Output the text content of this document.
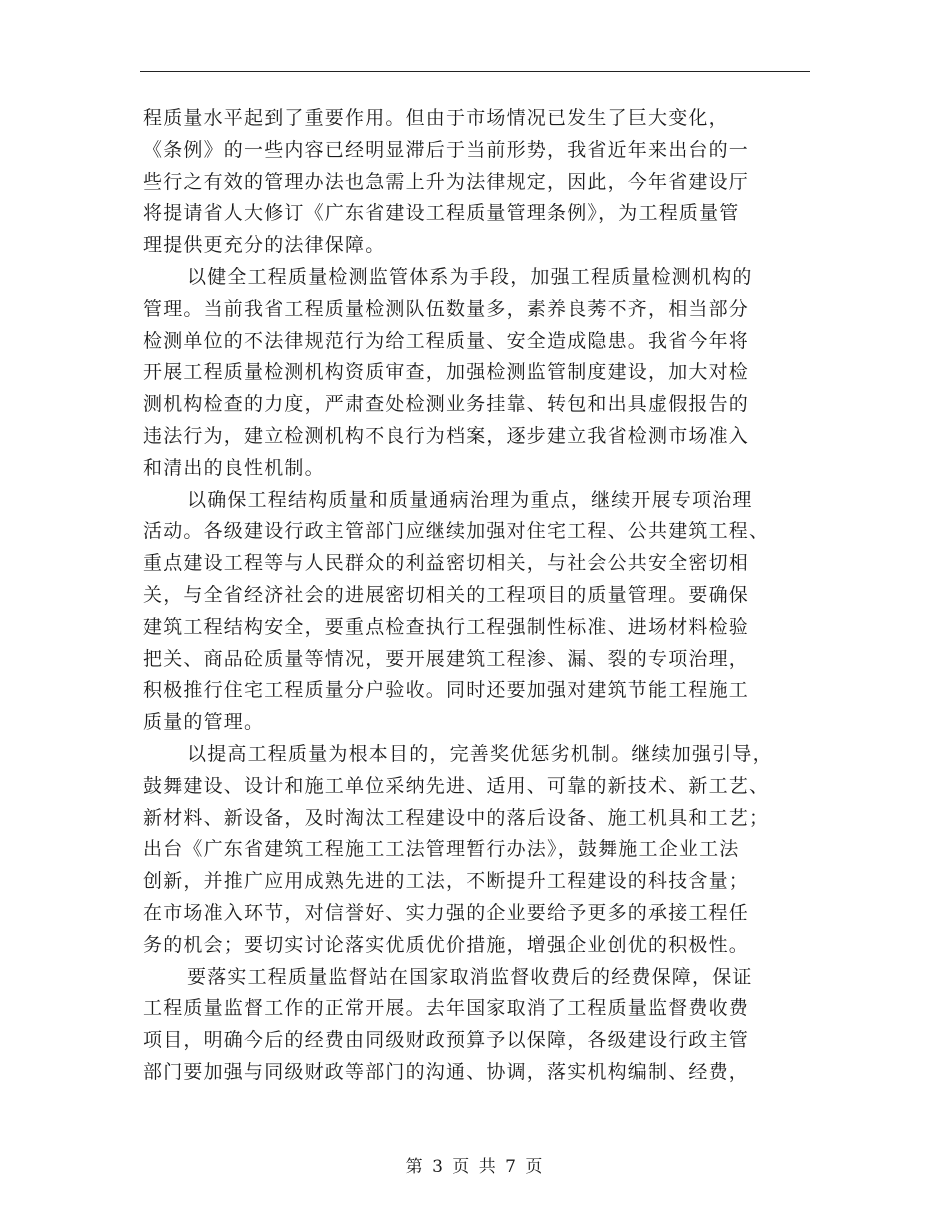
程质量水平起到了重要作用。但由于市场情况已发生了巨大变化，
《条例》的一些内容已经明显滞后于当前形势，我省近年来出台的一
些行之有效的管理办法也急需上升为法律规定，因此，今年省建设厅
将提请省人大修订《广东省建设工程质量管理条例》，为工程质量管
理提供更充分的法律保障。
以健全工程质量检测监管体系为手段，加强工程质量检测机构的
管理。当前我省工程质量检测队伍数量多，素养良莠不齐，相当部分
检测单位的不法律规范行为给工程质量、安全造成隐患。我省今年将
开展工程质量检测机构资质审查，加强检测监管制度建设，加大对检
测机构检查的力度，严肃查处检测业务挂靠、转包和出具虚假报告的
违法行为，建立检测机构不良行为档案，逐步建立我省检测市场准入
和清出的良性机制。
以确保工程结构质量和质量通病治理为重点，继续开展专项治理
活动。各级建设行政主管部门应继续加强对住宅工程、公共建筑工程、
重点建设工程等与人民群众的利益密切相关，与社会公共安全密切相
关，与全省经济社会的进展密切相关的工程项目的质量管理。要确保
建筑工程结构安全，要重点检查执行工程强制性标准、进场材料检验
把关、商品砼质量等情况，要开展建筑工程渗、漏、裂的专项治理，
积极推行住宅工程质量分户验收。同时还要加强对建筑节能工程施工
质量的管理。
以提高工程质量为根本目的，完善奖优惩劣机制。继续加强引导，
鼓舞建设、设计和施工单位采纳先进、适用、可靠的新技术、新工艺、
新材料、新设备，及时淘汰工程建设中的落后设备、施工机具和工艺；
出台《广东省建筑工程施工工法管理暂行办法》，鼓舞施工企业工法
创新，并推广应用成熟先进的工法，不断提升工程建设的科技含量；
在市场准入环节，对信誉好、实力强的企业要给予更多的承接工程任
务的机会；要切实讨论落实优质优价措施，增强企业创优的积极性。
要落实工程质量监督站在国家取消监督收费后的经费保障，保证
工程质量监督工作的正常开展。去年国家取消了工程质量监督费收费
项目，明确今后的经费由同级财政预算予以保障，各级建设行政主管
部门要加强与同级财政等部门的沟通、协调，落实机构编制、经费，
第 3 页 共 7 页
